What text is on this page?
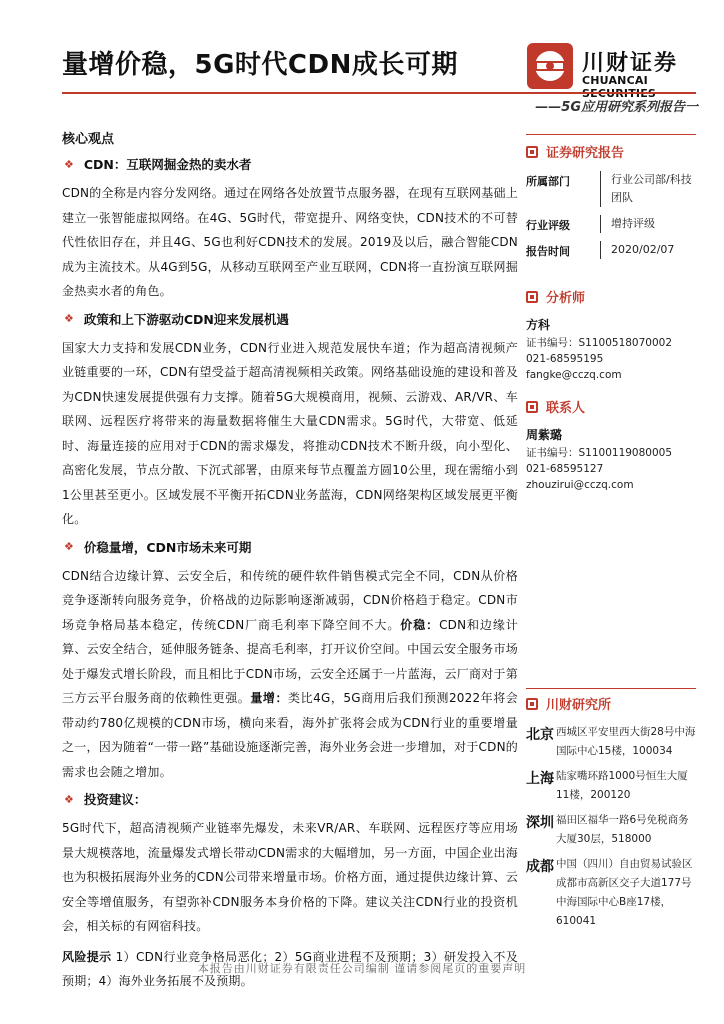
量增价稳，5G时代CDN成长可期	川财证券
CHUANCAI
——5G应用研究系列报告一
核心观点
❖ CDN：互联网掘金热的卖水者

CDN的全称是内容分发网络。通过在网络各处放置节点服务器，在现有互联网基础上建立一张智能虚拟网络。在4G、5G时代，带宽提升、网络变快，CDN技术的不可替代性依旧存在，并且4G、5G也利好CDN技术的发展。2019及以后，融合智能CDN成为主流技术。从4G到5G，从移动互联网至产业互联网，CDN将一直扮演互联网掘金热卖水者的角色。

❖ 政策和上下游驱动CDN迎来发展机遇

国家大力支持和发展CDN业务，CDN行业进入规范发展快车道；作为超高清视频产业链重要的一环，CDN有望受益于超高清视频相关政策。网络基础设施的建设和普及为CDN快速发展提供强有力支撑。随着5G大规模商用，视频、云游戏、AR/VR、车联网、远程医疗将带来的海量数据将催生大量CDN需求。5G时代，大带宽、低延时、海量连接的应用对于CDN的需求爆发，将推动CDN技术不断升级，向小型化、高密化发展，节点分散、下沉式部署，由原来每节点覆盖方圆10公里，现在需缩小到1公里甚至更小。区域发展不平衡开拓CDN业务蓝海，CDN网络架构区域发展更平衡化。

❖ 价稳量增，CDN市场未来可期

CDN结合边缘计算、云安全后，和传统的硬件软件销售模式完全不同，CDN从价格竞争逐渐转向服务竞争，价格战的边际影响逐渐减弱，CDN价格趋于稳定。CDN市场竞争格局基本稳定，传统CDN厂商毛利率下降空间不大。价稳：CDN和边缘计算、云安全结合，延伸服务链条、提高毛利率，打开议价空间。中国云安全服务市场处于爆发式增长阶段，而且相比于CDN市场，云安全还属于一片蓝海，云厂商对于第三方云平台服务商的依赖性更强。量增：类比4G，5G商用后我们预测2022年将会带动约780亿规模的CDN市场，横向来看，海外扩张将会成为CDN行业的重要增量之一，因为随着“一带一路”基础设施逐渐完善，海外业务会进一步增加，对于CDN的需求也会随之增加。

❖ 投资建议：

5G时代下，超高清视频产业链率先爆发，未来VR/AR、车联网、远程医疗等应用场景大规模落地，流量爆发式增长带动CDN需求的大幅增加，另一方面，中国企业出海也为积极拓展海外业务的CDN公司带来增量市场。价格方面，通过提供边缘计算、云安全等增值服务，有望弥补CDN服务本身价格的下降。建议关注CDN行业的投资机会，相关标的有网宿科技。

风险提示 1）CDN行业竞争格局恶化；2）5G商业进程不及预期；3）研发投入不及预期；4）海外业务拓展不及预期。

证券研究报告
所属部门	行业公司部/科技团队
行业评级	增持评级
报告时间	2020/02/07
分析师
方科
证书编号：S1100518070002
021-68595195
fangke@cczq.com
联系人
周紫璐
证书编号：S1100119080005
021-68595127
zhouzirui@cczq.com
川财研究所
北京 西城区平安里西大街28号中海国际中心15楼，100034
上海 陆家嘴环路1000号恒生大厦11楼，200120
深圳 福田区福华一路6号免税商务大厦30层，518000
成都 中国（四川）自由贸易试验区成都市高新区交子大道177号中海国际中心B座17楼，610041
本报告由川财证券有限责任公司编制 谨请参阅尾页的重要声明
